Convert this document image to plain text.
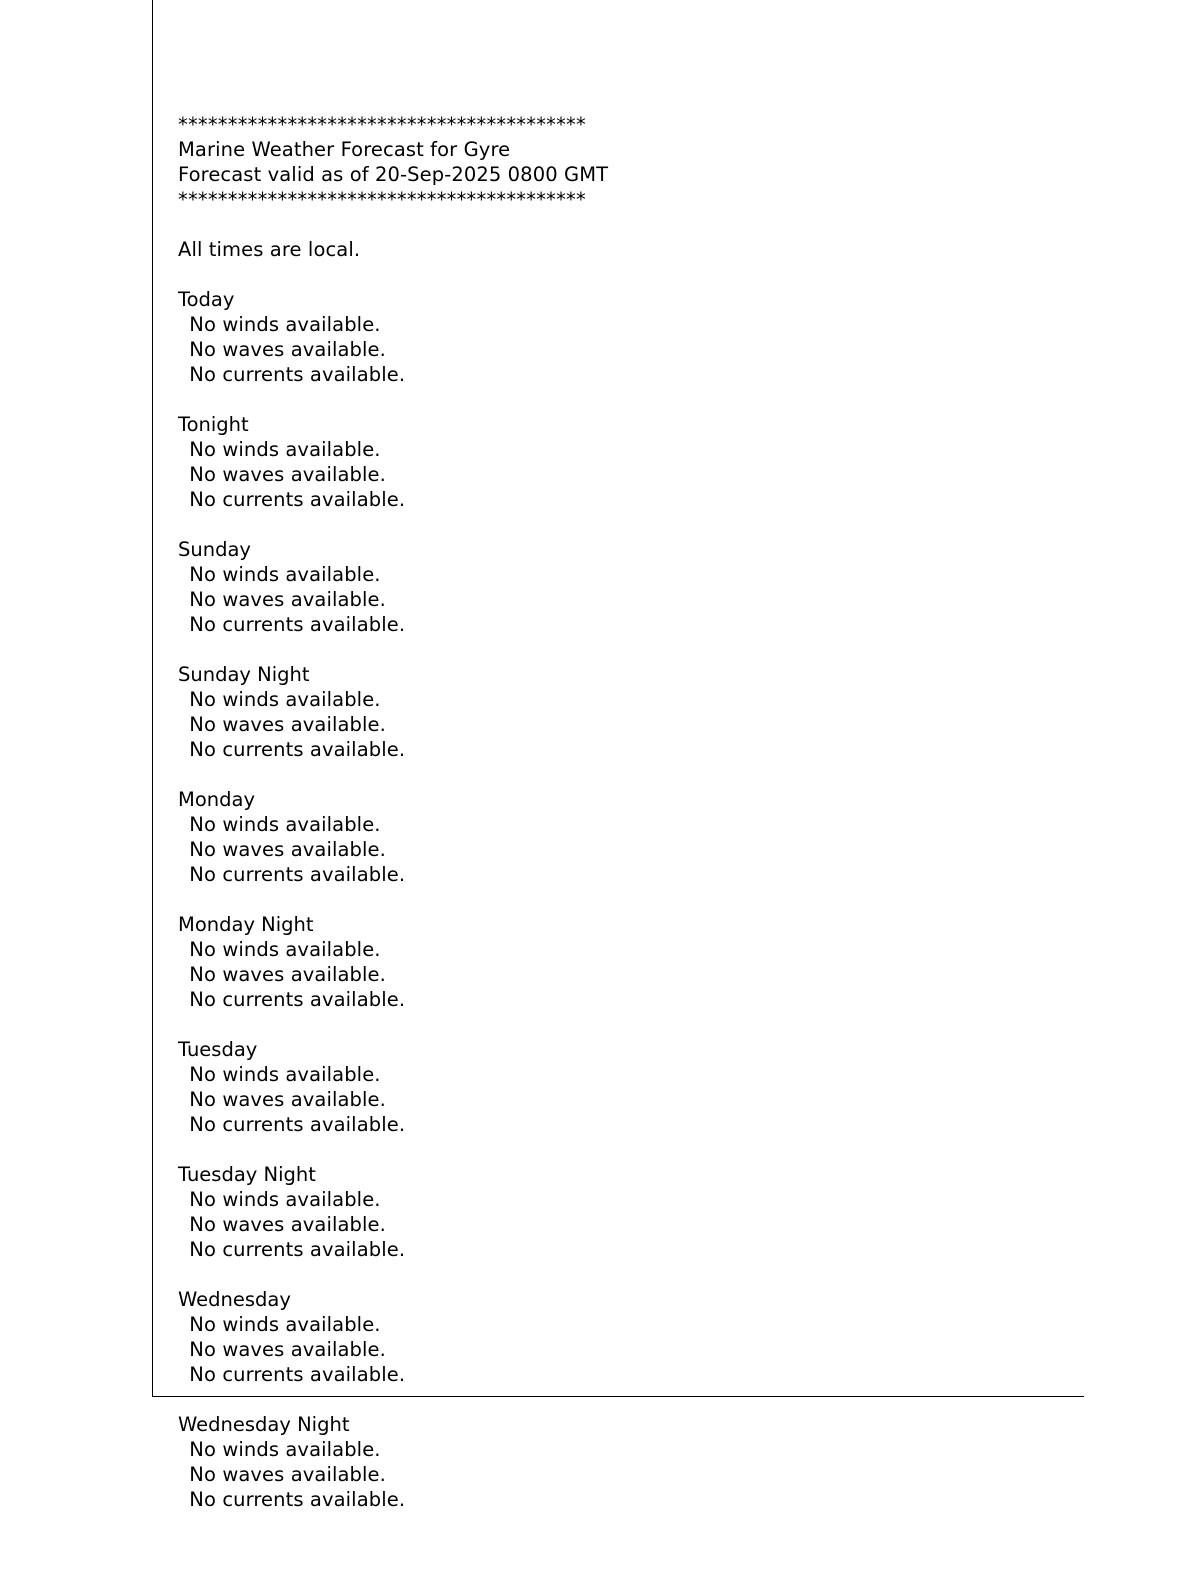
*****************************************
Marine Weather Forecast for Gyre
Forecast valid as of 20-Sep-2025 0800 GMT
*****************************************
All times are local.
Today
No winds available.
No waves available.
No currents available.
Tonight
No winds available.
No waves available.
No currents available.
Sunday
No winds available.
No waves available.
No currents available.
Sunday Night
No winds available.
No waves available.
No currents available.
Monday
No winds available.
No waves available.
No currents available.
Monday Night
No winds available.
No waves available.
No currents available.
Tuesday
No winds available.
No waves available.
No currents available.
Tuesday Night
No winds available.
No waves available.
No currents available.
Wednesday
No winds available.
No waves available.
No currents available.
Wednesday Night
No winds available.
No waves available.
No currents available.
